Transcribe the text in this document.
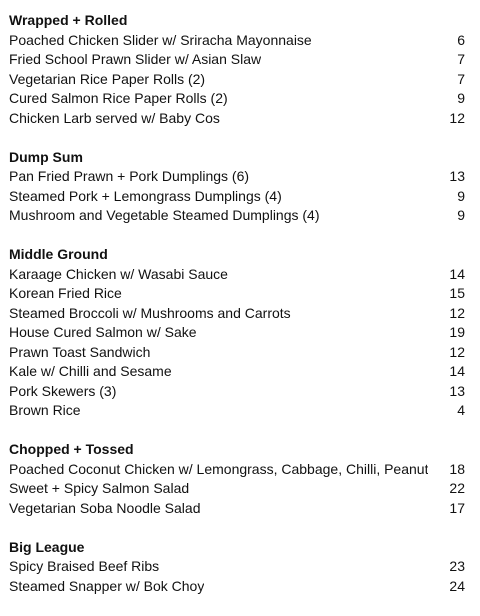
Wrapped + Rolled
Poached Chicken Slider w/ Sriracha Mayonnaise	6
Fried School Prawn Slider w/ Asian Slaw	7
Vegetarian Rice Paper Rolls (2)	7
Cured Salmon Rice Paper Rolls (2)	9
Chicken Larb served w/ Baby Cos	12
Dump Sum
Pan Fried Prawn + Pork Dumplings (6)	13
Steamed Pork + Lemongrass Dumplings (4)	9
Mushroom and Vegetable Steamed Dumplings (4)	9
Middle Ground
Karaage Chicken w/ Wasabi Sauce	14
Korean Fried Rice	15
Steamed Broccoli w/ Mushrooms and Carrots	12
House Cured Salmon w/ Sake	19
Prawn Toast Sandwich	12
Kale w/ Chilli and Sesame	14
Pork Skewers (3)	13
Brown Rice	4
Chopped + Tossed
Poached Coconut Chicken w/ Lemongrass, Cabbage, Chilli, Peanut	18
Sweet + Spicy Salmon Salad	22
Vegetarian Soba Noodle Salad	17
Big League
Spicy Braised Beef Ribs	23
Steamed Snapper w/ Bok Choy	24
